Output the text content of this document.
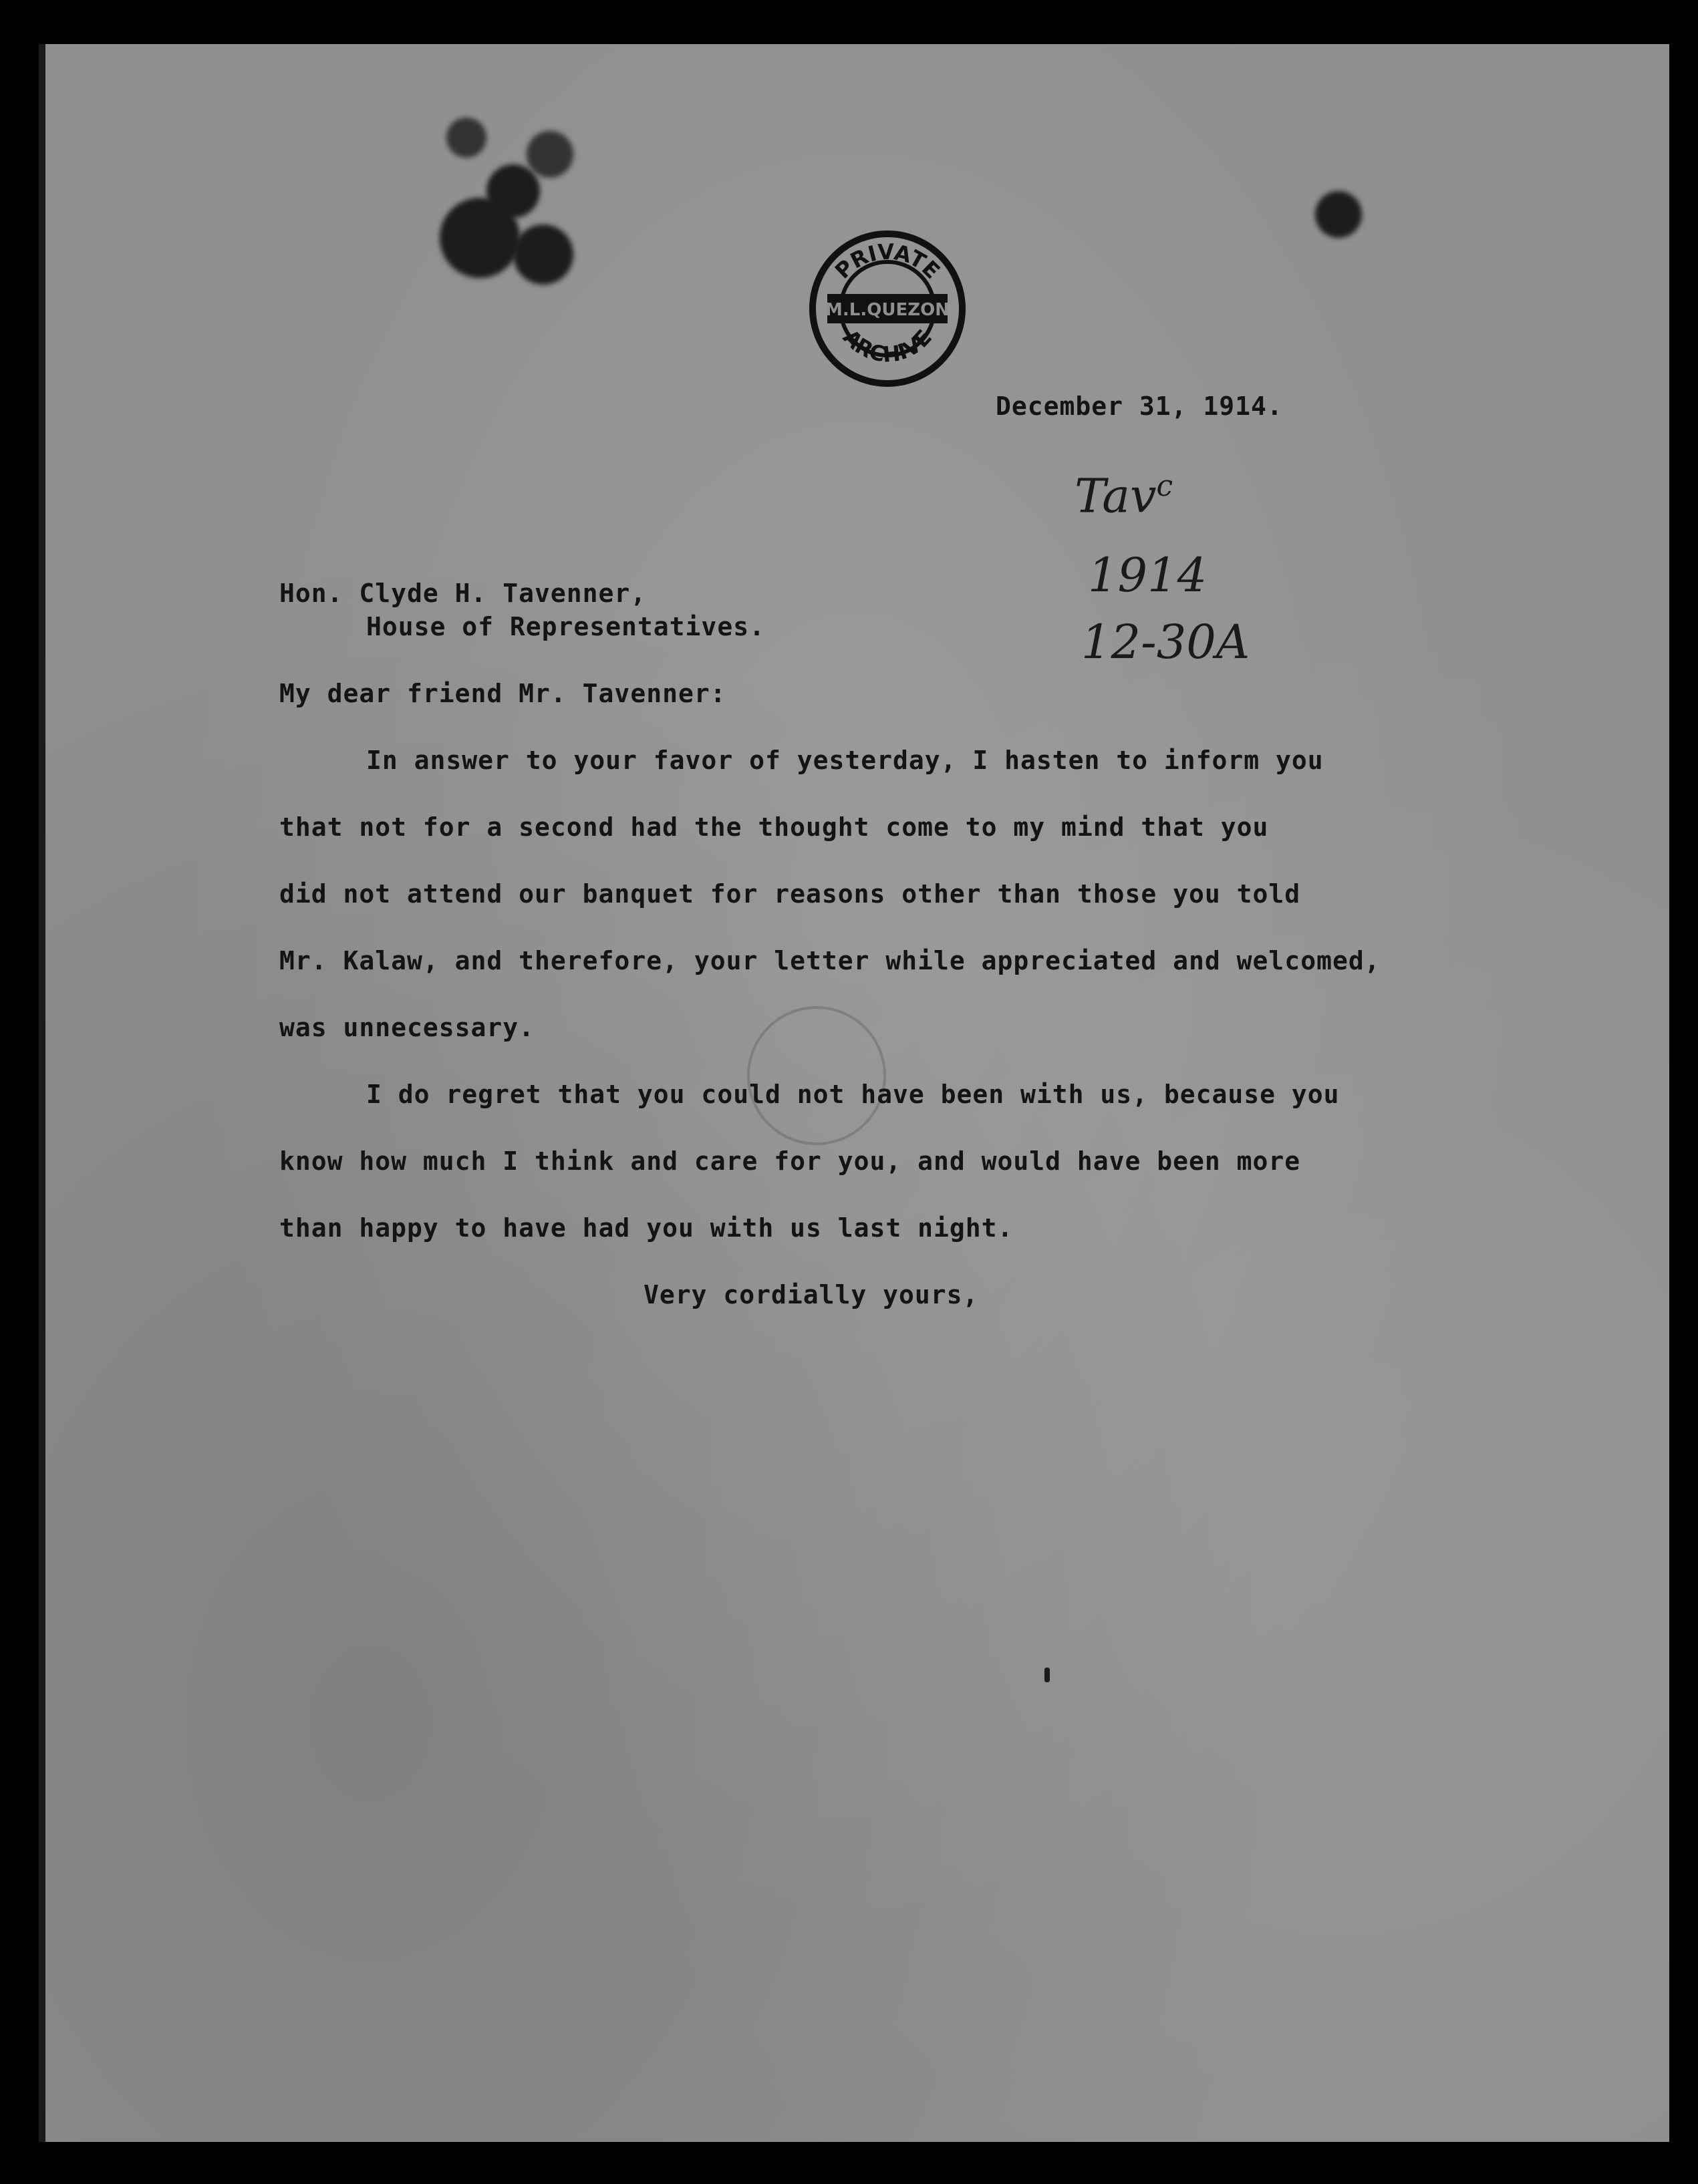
M.L.QUEZON
PRIVATE
ARCHIVE
December 31, 1914.
Tav$^c$
1914
12-30A
Hon. Clyde H. Tavenner,
House of Representatives.
My dear friend Mr. Tavenner:
In answer to your favor of yesterday, I hasten to inform you
that not for a second had the thought come to my mind that you
did not attend our banquet for reasons other than those you told
Mr. Kalaw, and therefore, your letter while appreciated and welcomed,
was unnecessary.
I do regret that you could not have been with us, because you
know how much I think and care for you, and would have been more
than happy to have had you with us last night.
Very cordially yours,
